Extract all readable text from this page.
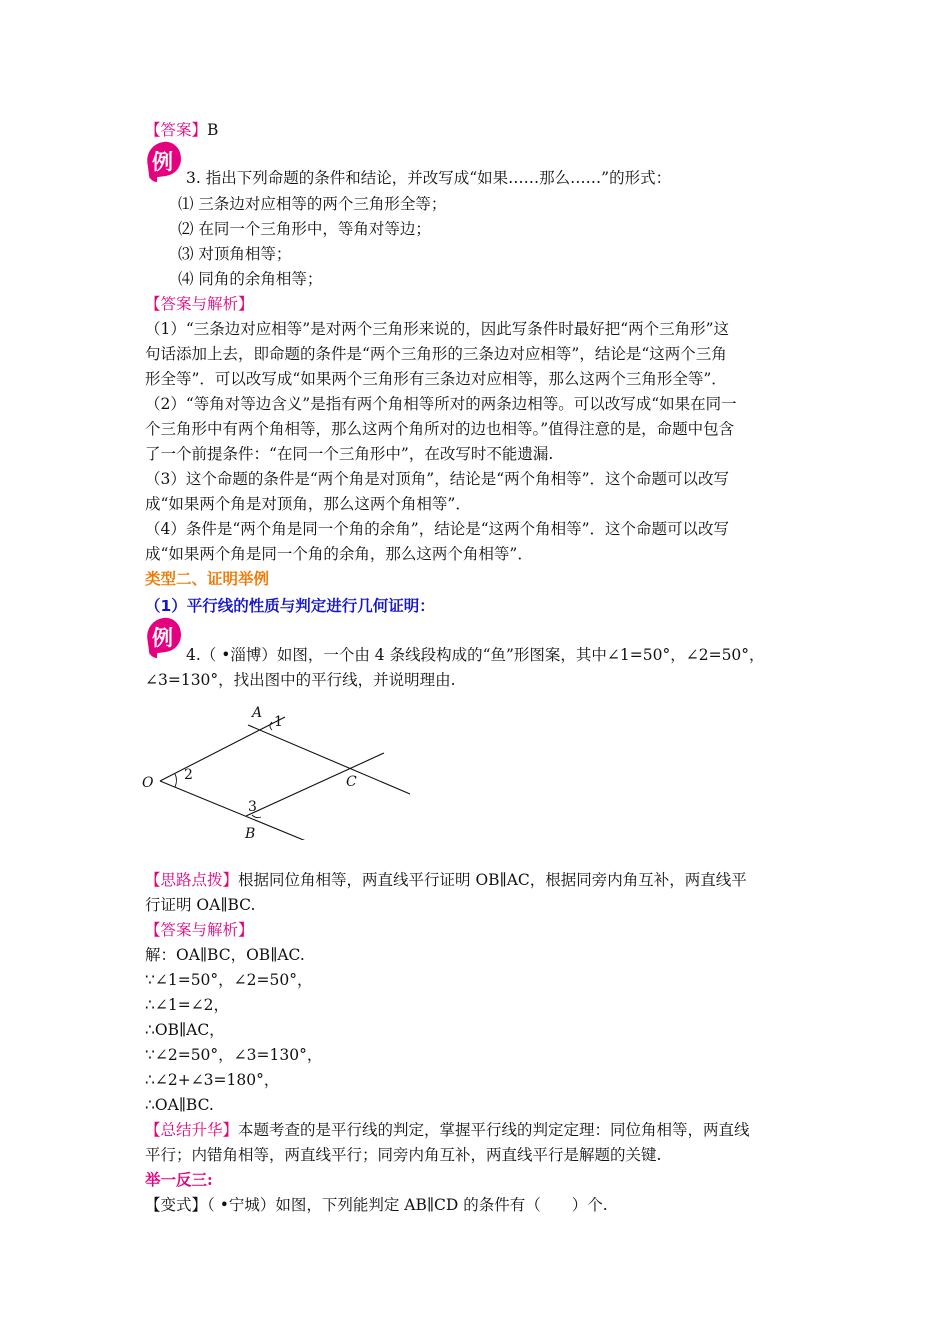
【答案】B
例
3. 指出下列命题的条件和结论，并改写成“如果……那么……”的形式：
⑴ 三条边对应相等的两个三角形全等；
⑵ 在同一个三角形中，等角对等边；
⑶ 对顶角相等；
⑷ 同角的余角相等；
【答案与解析】
（1）“三条边对应相等”是对两个三角形来说的，因此写条件时最好把“两个三角形”这
句话添加上去，即命题的条件是“两个三角形的三条边对应相等”，结论是“这两个三角
形全等”．可以改写成“如果两个三角形有三条边对应相等，那么这两个三角形全等”．
（2）“等角对等边含义”是指有两个角相等所对的两条边相等。可以改写成“如果在同一
个三角形中有两个角相等，那么这两个角所对的边也相等。”值得注意的是，命题中包含
了一个前提条件：“在同一个三角形中”，在改写时不能遗漏.
（3）这个命题的条件是“两个角是对顶角”，结论是“两个角相等”．这个命题可以改写
成“如果两个角是对顶角，那么这两个角相等”．
（4）条件是“两个角是同一个角的余角”，结论是“这两个角相等”．这个命题可以改写
成“如果两个角是同一个角的余角，那么这两个角相等”．
类型二、证明举例
（1）平行线的性质与判定进行几何证明：
例
4.（ •淄博）如图，一个由 4 条线段构成的“鱼”形图案，其中∠1=50°，∠2=50°，
∠3=130°，找出图中的平行线，并说明理由.
A
1
O 2	C
3
B
【思路点拨】根据同位角相等，两直线平行证明 OB∥AC，根据同旁内角互补，两直线平
行证明 OA∥BC.
【答案与解析】
解：OA∥BC，OB∥AC.
∵∠1=50°，∠2=50°，
∴∠1=∠2，
∴OB∥AC，
∵∠2=50°，∠3=130°，
∴∠2+∠3=180°，
∴OA∥BC.
【总结升华】本题考查的是平行线的判定，掌握平行线的判定定理：同位角相等，两直线
平行；内错角相等，两直线平行；同旁内角互补，两直线平行是解题的关键.
举一反三:
【变式】（ •宁城）如图，下列能判定 AB∥CD 的条件有（　　）个.
